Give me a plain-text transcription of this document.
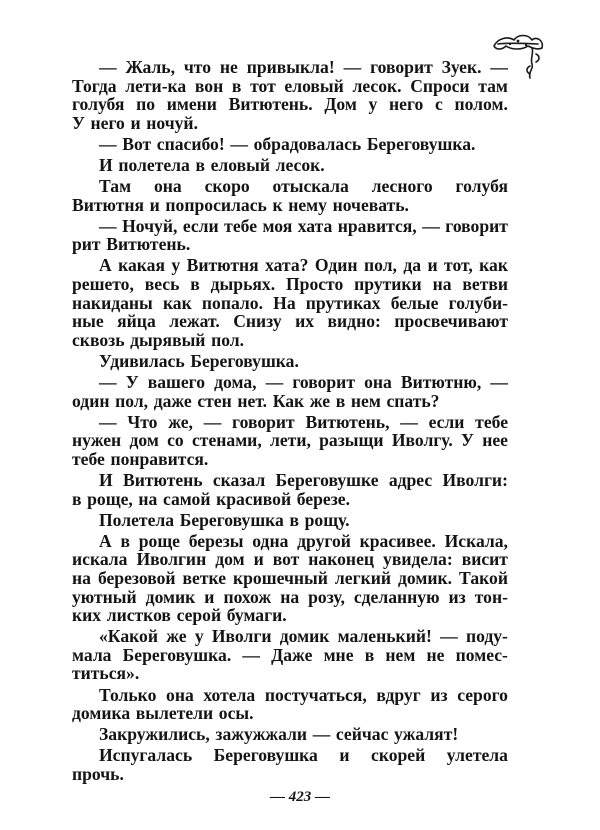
— Жаль, что не привыкла! — говорит Зуек. —
Тогда лети-ка вон в тот еловый лесок. Спроси там
голубя по имени Витютень. Дом у него с полом.
У него и ночуй.
— Вот спасибо! — обрадовалась Береговушка.
И полетела в еловый лесок.
Там она скоро отыскала лесного голубя
Витютня и попросилась к нему ночевать.
— Ночуй, если тебе моя хата нравится, — говорит
рит Витютень.
А какая у Витютня хата? Один пол, да и тот, как
решето, весь в дырьях. Просто прутики на ветви
накиданы как попало. На прутиках белые голуби-
ные яйца лежат. Снизу их видно: просвечивают
сквозь дырявый пол.
Удивилась Береговушка.
— У вашего дома, — говорит она Витютню, —
один пол, даже стен нет. Как же в нем спать?
— Что же, — говорит Витютень, — если тебе
нужен дом со стенами, лети, разыщи Иволгу. У нее
тебе понравится.
И Витютень сказал Береговушке адрес Иволги:
в роще, на самой красивой березе.
Полетела Береговушка в рощу.
А в роще березы одна другой красивее. Искала,
искала Иволгин дом и вот наконец увидела: висит
на березовой ветке крошечный легкий домик. Такой
уютный домик и похож на розу, сделанную из тон-
ких листков серой бумаги.
«Какой же у Иволги домик маленький! — поду-
мала Береговушка. — Даже мне в нем не помес-
титься».
Только она хотела постучаться, вдруг из серого
домика вылетели осы.
Закружились, зажужжали — сейчас ужалят!
Испугалась Береговушка и скорей улетела
прочь.
— 423 —
